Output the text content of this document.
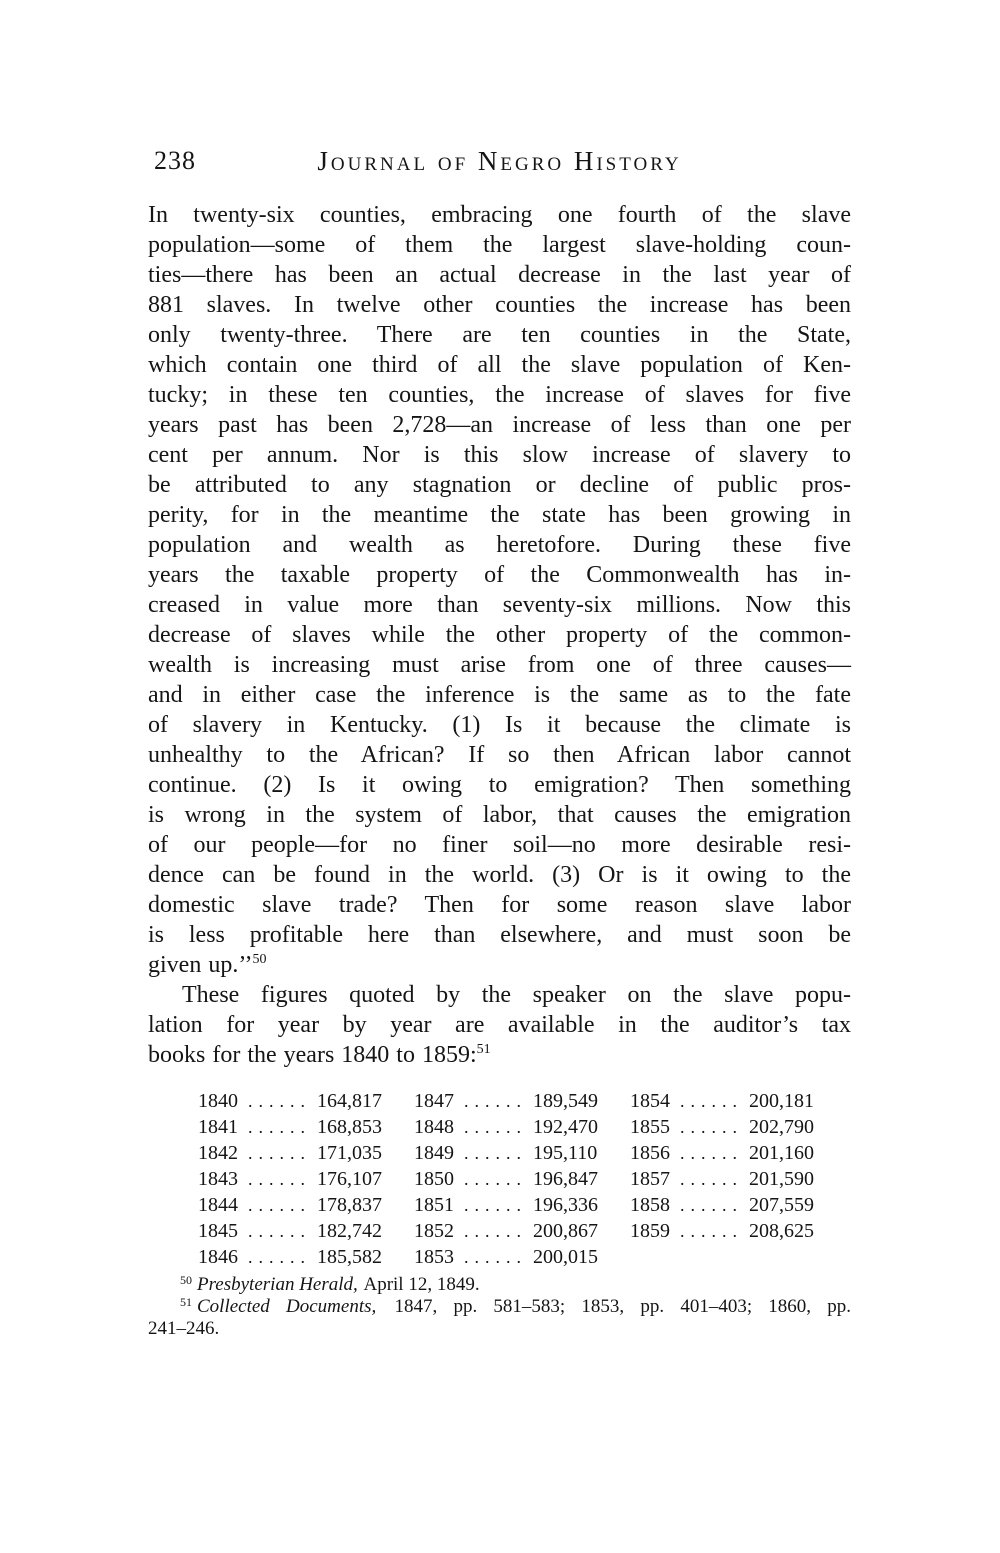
238	Journal of Negro History
In twenty-six counties, embracing one fourth of the slave
population—some of them the largest slave-holding coun-
ties—there has been an actual decrease in the last year of
881 slaves. In twelve other counties the increase has been
only twenty-three. There are ten counties in the State,
which contain one third of all the slave population of Ken-
tucky; in these ten counties, the increase of slaves for five
years past has been 2,728—an increase of less than one per
cent per annum. Nor is this slow increase of slavery to
be attributed to any stagnation or decline of public pros-
perity, for in the meantime the state has been growing in
population and wealth as heretofore. During these five
years the taxable property of the Commonwealth has in-
creased in value more than seventy-six millions. Now this
decrease of slaves while the other property of the common-
wealth is increasing must arise from one of three causes—
and in either case the inference is the same as to the fate
of slavery in Kentucky. (1) Is it because the climate is
unhealthy to the African? If so then African labor cannot
continue. (2) Is it owing to emigration? Then something
is wrong in the system of labor, that causes the emigration
of our people—for no finer soil—no more desirable resi-
dence can be found in the world. (3) Or is it owing to the
domestic slave trade? Then for some reason slave labor
is less profitable here than elsewhere, and must soon be
given up.’’$^{50}$
These figures quoted by the speaker on the slave popu-
lation for year by year are available in the auditor’s tax
books for the years 1840 to 1859:$^{51}$
1840 ...... 164,817
1841 ...... 168,853
1842 ...... 171,035
1843 ...... 176,107
1844 ...... 178,837
1845 ...... 182,742
1846 ...... 185,582
1847 ...... 189,549
1848 ...... 192,470
1849 ...... 195,110
1850 ...... 196,847
1851 ...... 196,336
1852 ...... 200,867
1853 ...... 200,015
1854 ...... 200,181
1855 ...... 202,790
1856 ...... 201,160
1857 ...... 201,590
1858 ...... 207,559
1859 ...... 208,625
$^{50}$ Presbyterian Herald, April 12, 1849.
$^{51}$ Collected Documents, 1847, pp. 581–583; 1853, pp. 401–403; 1860, pp.
241–246.
